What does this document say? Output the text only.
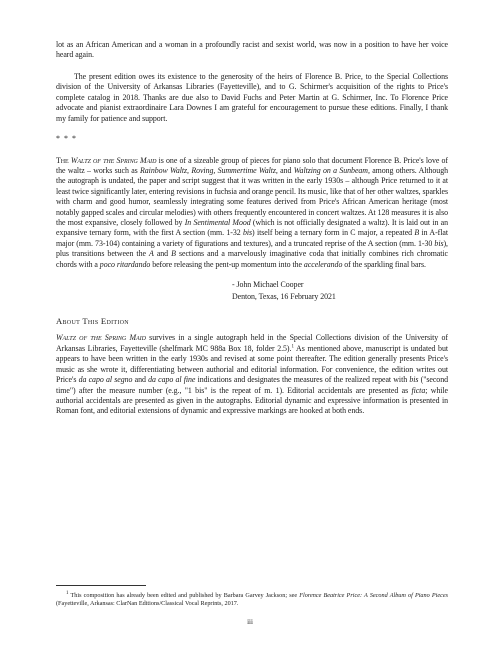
lot as an African American and a woman in a profoundly racist and sexist world, was now in a position to have her voice heard again.

The present edition owes its existence to the generosity of the heirs of Florence B. Price, to the Special Collections division of the University of Arkansas Libraries (Fayetteville), and to G. Schirmer's acquisition of the rights to Price's complete catalog in 2018. Thanks are due also to David Fuchs and Peter Martin at G. Schirmer, Inc. To Florence Price advocate and pianist extraordinaire Lara Downes I am grateful for encouragement to pursue these editions. Finally, I thank my family for patience and support.

* * *

The Waltz of the Spring Maid is one of a sizeable group of pieces for piano solo that document Florence B. Price's love of the waltz – works such as Rainbow Waltz, Roving, Summertime Waltz, and Waltzing on a Sunbeam, among others. Although the autograph is undated, the paper and script suggest that it was written in the early 1930s – although Price returned to it at least twice significantly later, entering revisions in fuchsia and orange pencil. Its music, like that of her other waltzes, sparkles with charm and good humor, seamlessly integrating some features derived from Price's African American heritage (most notably gapped scales and circular melodies) with others frequently encountered in concert waltzes. At 128 measures it is also the most expansive, closely followed by In Sentimental Mood (which is not officially designated a waltz). It is laid out in an expansive ternary form, with the first A section (mm. 1-32 bis) itself being a ternary form in C major, a repeated B in A-flat major (mm. 73-104) containing a variety of figurations and textures), and a truncated reprise of the A section (mm. 1-30 bis), plus transitions between the A and B sections and a marvelously imaginative coda that initially combines rich chromatic chords with a poco ritardando before releasing the pent-up momentum into the accelerando of the sparkling final bars.

- John Michael Cooper
Denton, Texas, 16 February 2021
About This Edition

Waltz of the Spring Maid survives in a single autograph held in the Special Collections division of the University of Arkansas Libraries, Fayetteville (shelfmark MC 988a Box 18, folder 2.5).$^1$ As mentioned above, manuscript is undated but appears to have been written in the early 1930s and revised at some point thereafter. The edition generally presents Price's music as she wrote it, differentiating between authorial and editorial information. For convenience, the edition writes out Price's da capo al segno and da capo al fine indications and designates the measures of the realized repeat with bis ("second time") after the measure number (e.g., "1 bis" is the repeat of m. 1). Editorial accidentals are presented as ficta; while authorial accidentals are presented as given in the autographs. Editorial dynamic and expressive information is presented in Roman font, and editorial extensions of dynamic and expressive markings are hooked at both ends.

$^1$ This composition has already been edited and published by Barbara Garvey Jackson; see Florence Beatrice Price: A Second Album of Piano Pieces (Fayetteville, Arkansas: ClarNan Editions/Classical Vocal Reprints, 2017.
iii
